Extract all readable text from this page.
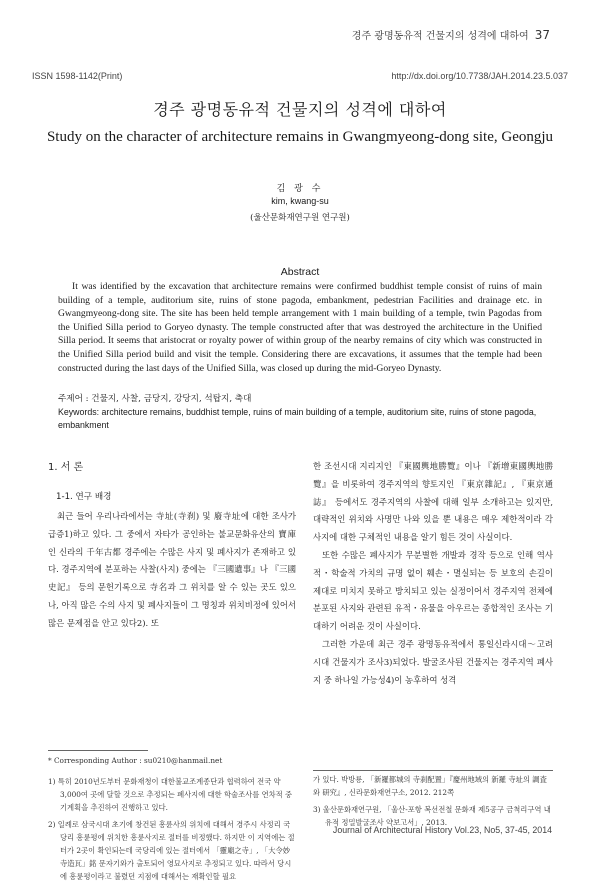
경주 광명동유적 건물지의 성격에 대하여 37
ISSN 1598-1142(Print)	http://dx.doi.org/10.7738/JAH.2014.23.5.037
경주 광명동유적 건물지의 성격에 대하여
Study on the character of architecture remains in Gwangmyeong-dong site, Geongju
김 광 수
kim, kwang-su
(울산문화재연구원 연구원)
Abstract

It was identified by the excavation that architecture remains were confirmed buddhist temple consist of ruins of main building of a temple, auditorium site, ruins of stone pagoda, embankment, pedestrian Facilities and drainage etc. in Gwangmyeong-dong site. The site has been held temple arrangement with 1 main building of a temple, twin Pagodas from the Unified Silla period to Goryeo dynasty. The temple constructed after that was destroyed the architecture in the Unified Silla period. It seems that aristocrat or royalty power of within group of the nearby remains of city which was constructed in the Unified Silla period build and visit the temple. Considering there are excavations, it assumes that the temple had been constructed during the last days of the Unified Silla, was closed up during the mid-Goryeo Dynasty.

주제어 : 건물지, 사찰, 금당지, 강당지, 석탑지, 축대
Keywords: architecture remains, buddhist temple, ruins of main building of a temple, auditorium site, ruins of stone pagoda, embankment
1. 서 론
1-1. 연구 배경

최근 들어 우리나라에서는 寺址(寺刹) 및 廢寺址에 대한 조사가 급증1)하고 있다. 그 중에서 자타가 공인하는 불교문화유산의 寶庫인 신라의 千年古都 경주에는 수많은 사지 및 폐사지가 존재하고 있다. 경주지역에 분포하는 사찰(사지) 중에는 『三國遺事』나 『三國史記』 등의 문헌기록으로 寺名과 그 위치를 알 수 있는 곳도 있으나, 아직 많은 수의 사지 및 폐사지들이 그 명칭과 위치비정에 있어서 많은 문제점을 안고 있다2). 또

한 조선시대 지리지인 『東國輿地勝覽』이나 『新增東國輿地勝覽』을 비롯하여 경주지역의 향토지인 『東京雜記』, 『東京通誌』 등에서도 경주지역의 사찰에 대해 일부 소개하고는 있지만, 대략적인 위치와 사명만 나와 있을 뿐 내용은 매우 제한적이라 각 사지에 대한 구체적인 내용을 알기 힘든 것이 사실이다.

또한 수많은 폐사지가 무분별한 개발과 경작 등으로 인해 역사적・학술적 가치의 규명 없이 훼손・멸실되는 등 보호의 손길이 제대로 미치지 못하고 방치되고 있는 실정이어서 경주지역 전체에 분포된 사지와 관련된 유적・유물을 아우르는 종합적인 조사는 기대하기 어려운 것이 사실이다.

그러한 가운데 최근 경주 광명동유적에서 통일신라시대～고려시대 건물지가 조사3)되었다. 발굴조사된 건물지는 경주지역 폐사지 중 하나일 가능성4)이 농후하여 성격

* Corresponding Author : su0210@hanmail.net
1) 특히 2010년도부터 문화재청이 대한불교조계종단과 협력하여 전국 약 3,000여 곳에 달할 것으로 추정되는 폐사지에 대한 학술조사를 연차적 중기계획을 추진하여 진행하고 있다.
2) 일례로 삼국시대 초기에 창건된 흥륜사의 위치에 대해서 경주시 사정리 국당리 흥륜평에 위치한 흥륜사지로 절터를 비정했다. 하지만 이 지역에는 절터가 2곳이 확인되는데 국당리에 있는 절터에서 「靈廟之寺」, 「大令妙寺造瓦」銘 문자기와가 출토되어 영묘사지로 추정되고 있다. 따라서 당시에 흥륜평이라고 불렸던 지점에 대해서는 재확인할 필요
가 있다. 박방룡, 「新羅都城의 寺刹配置」『慶州地域의 新羅 寺址의 調査와 研究』, 신라문화재연구소, 2012. 212쪽
3) 울산문화재연구원, 「울산-포항 복선전철 문화재 제5공구 금척리구역 내 유적 정밀발굴조사 약보고서」, 2013.
Journal of Architectural History Vol.23, No5, 37-45, 2014
